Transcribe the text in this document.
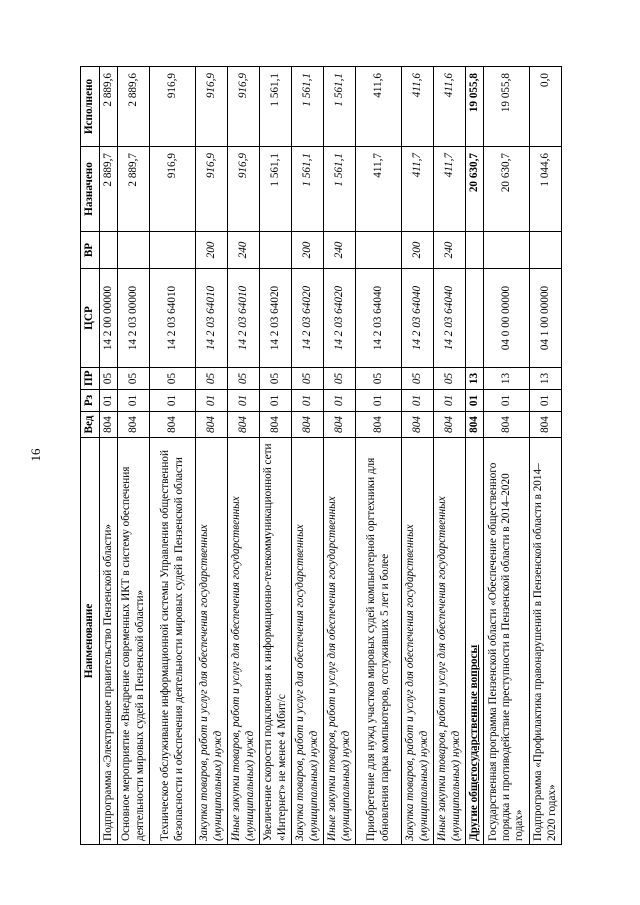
16
Наименование	Вед	Рз	ПР	ЦСР	ВР	Назначено	Исполнено
Подпрограмма «Электронное правительство Пензенской области»	804	01	05	14 2 00 00000		2 889,7	2 889,6
Основное мероприятие «Внедрение современных ИКТ в систему обеспечения деятельности мировых судей в Пензенской области»	804	01	05	14 2 03 00000		2 889,7	2 889,6
Техническое обслуживание информационной системы Управления общественной безопасности и обеспечения деятельности мировых судей в Пензенской области	804	01	05	14 2 03 64010		916,9	916,9
Закупка товаров, работ и услуг для обеспечения государственных (муниципальных) нужд	804	01	05	14 2 03 64010	200	916,9	916,9
Иные закупки товаров, работ и услуг для обеспечения государственных (муниципальных) нужд	804	01	05	14 2 03 64010	240	916,9	916,9
Увеличение скорости подключения к информационно-телекоммуникационной сети «Интернет» не менее 4 Мбит/с	804	01	05	14 2 03 64020		1 561,1	1 561,1
Закупка товаров, работ и услуг для обеспечения государственных (муниципальных) нужд	804	01	05	14 2 03 64020	200	1 561,1	1 561,1
Иные закупки товаров, работ и услуг для обеспечения государственных (муниципальных) нужд	804	01	05	14 2 03 64020	240	1 561,1	1 561,1
Приобретение для нужд участков мировых судей компьютерной оргтехники для обновления парка компьютеров, отслуживших 5 лет и более	804	01	05	14 2 03 64040		411,7	411,6
Закупка товаров, работ и услуг для обеспечения государственных (муниципальных) нужд	804	01	05	14 2 03 64040	200	411,7	411,6
Иные закупки товаров, работ и услуг для обеспечения государственных (муниципальных) нужд	804	01	05	14 2 03 64040	240	411,7	411,6
Другие общегосударственные вопросы	804	01	13			20 630,7	19 055,8
Государственная программа Пензенской области «Обеспечение общественного порядка и противодействие преступности в Пензенской области в 2014–2020 годах»	804	01	13	04 0 00 00000		20 630,7	19 055,8
Подпрограмма «Профилактика правонарушений в Пензенской области в 2014–2020 годах»	804	01	13	04 1 00 00000		1 044,6	0,0
